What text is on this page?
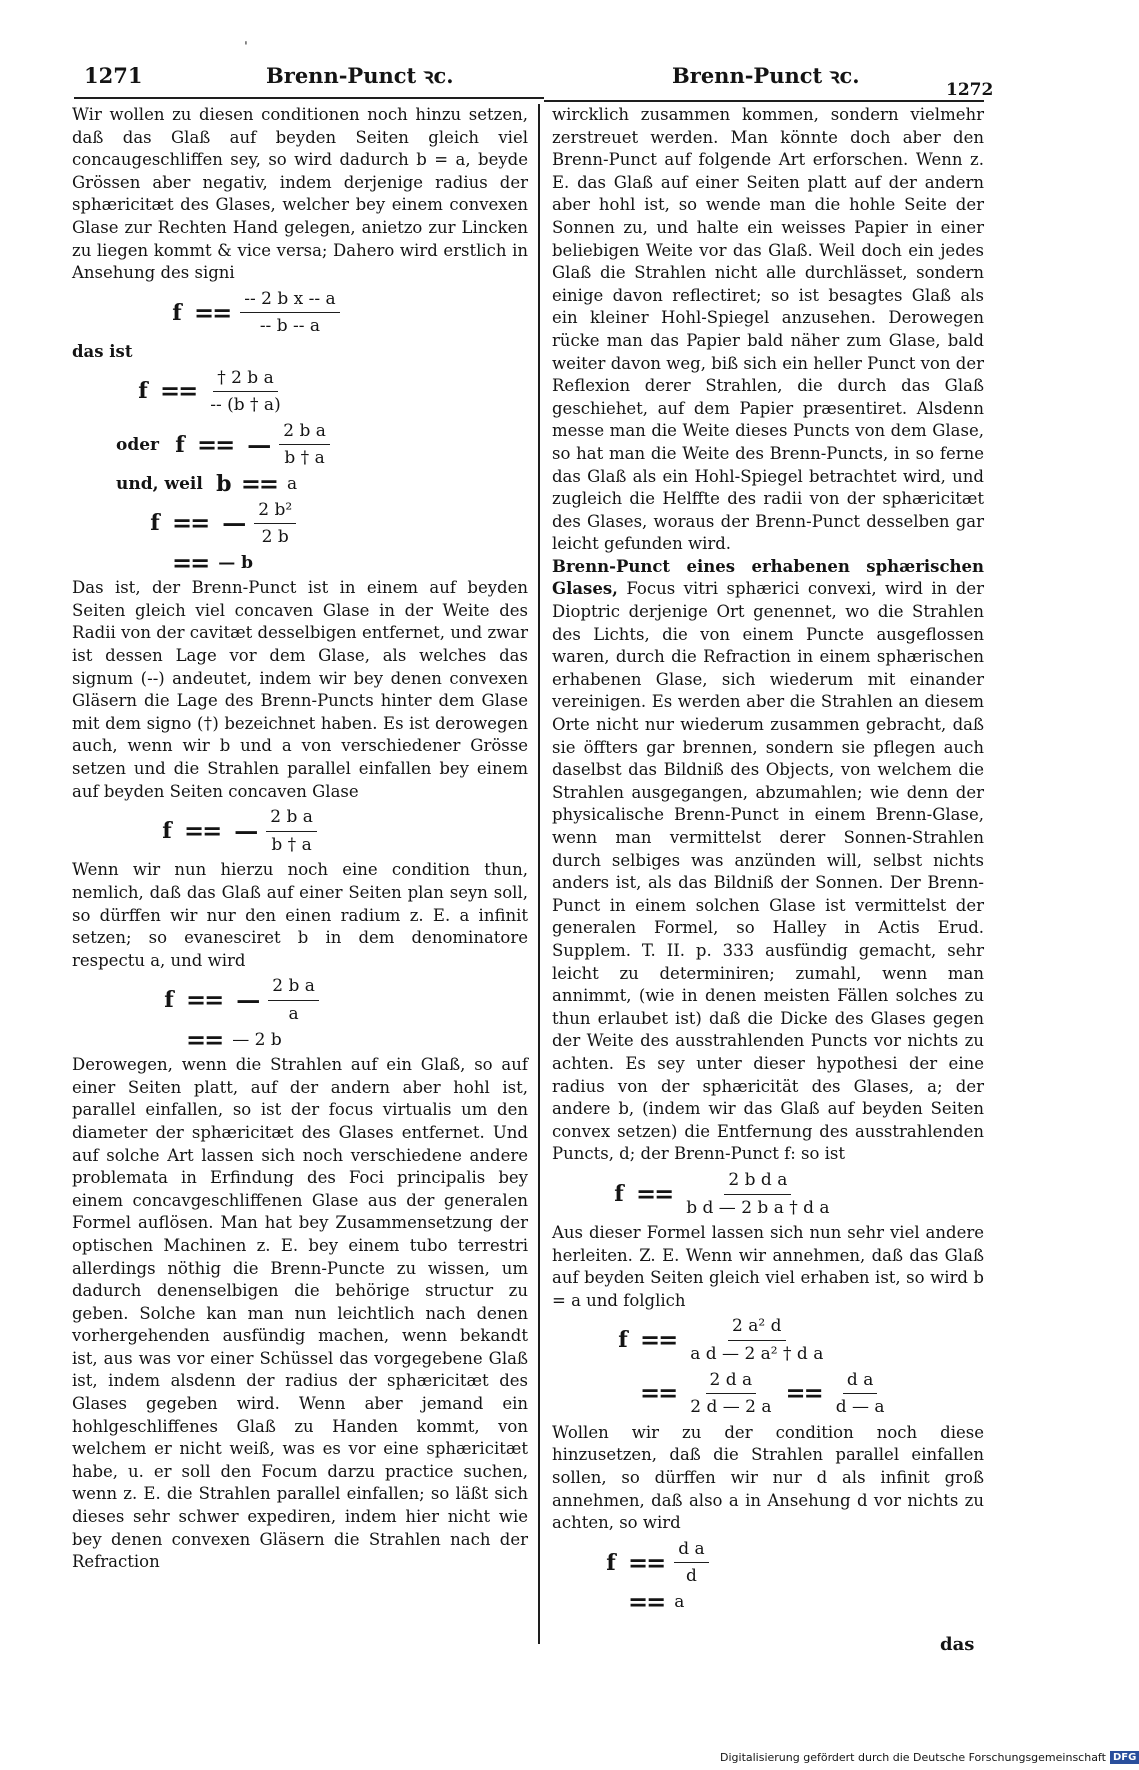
1271	Brenn-Punct ꝛc.	Brenn-Punct ꝛc.
1272
ˈ

Wir wollen zu diesen conditionen noch hinzu setzen, daß das Glaß auf beyden Seiten gleich viel concaugeschliffen sey, so wird dadurch b = a, beyde Grössen aber negativ, indem derjenige radius der sphæricitæt des Glases, welcher bey einem convexen Glase zur Rechten Hand gelegen, anietzo zur Lincken zu liegen kommt & vice versa; Dahero wird erstlich in Ansehung des signi

$f == \frac{\text{-- 2 b x -- a}}{-- b -- a}$

das ist

$f == \frac{\text{† 2 b a}}{-- (b \dagger a)}$
oder f == — $\frac{\text{2 b a}}{b \dagger a}$
und, weil b == a
f == — $\frac{\text{2 b²}}{2 b}$
== — b

Das ist, der Brenn-Punct ist in einem auf beyden Seiten gleich viel concaven Glase in der Weite des Radii von der cavitæt desselbigen entfernet, und zwar ist dessen Lage vor dem Glase, als welches das signum (--) andeutet, indem wir bey denen convexen Gläsern die Lage des Brenn-Puncts hinter dem Glase mit dem signo (†) bezeichnet haben. Es ist derowegen auch, wenn wir b und a von verschiedener Grösse setzen und die Strahlen parallel einfallen bey einem auf beyden Seiten concaven Glase

f == — $\frac{\text{2 b a}}{b \dagger a}$

Wenn wir nun hierzu noch eine condition thun, nemlich, daß das Glaß auf einer Seiten plan seyn soll, so dürffen wir nur den einen radium z. E. a infinit setzen; so evanesciret b in dem denominatore respectu a, und wird

f == — $\frac{\text{2 b a}}{a}$
== — 2 b

Derowegen, wenn die Strahlen auf ein Glaß, so auf einer Seiten platt, auf der andern aber hohl ist, parallel einfallen, so ist der focus virtualis um den diameter der sphæricitæt des Glases entfernet. Und auf solche Art lassen sich noch verschiedene andere problemata in Erfindung des Foci principalis bey einem concavgeschliffenen Glase aus der generalen Formel auflösen. Man hat bey Zusammensetzung der optischen Machinen z. E. bey einem tubo terrestri allerdings nöthig die Brenn-Puncte zu wissen, um dadurch denenselbigen die behörige structur zu geben. Solche kan man nun leichtlich nach denen vorhergehenden ausfündig machen, wenn bekandt ist, aus was vor einer Schüssel das vorgegebene Glaß ist, indem alsdenn der radius der sphæricitæt des Glases gegeben wird. Wenn aber jemand ein hohlgeschliffenes Glaß zu Handen kommt, von welchem er nicht weiß, was es vor eine sphæricitæt habe, u. er soll den Focum darzu practice suchen, wenn z. E. die Strahlen parallel einfallen; so läßt sich dieses sehr schwer expediren, indem hier nicht wie bey denen convexen Gläsern die Strahlen nach der Refraction

wircklich zusammen kommen, sondern vielmehr zerstreuet werden. Man könnte doch aber den Brenn-Punct auf folgende Art erforschen. Wenn z. E. das Glaß auf einer Seiten platt auf der andern aber hohl ist, so wende man die hohle Seite der Sonnen zu, und halte ein weisses Papier in einer beliebigen Weite vor das Glaß. Weil doch ein jedes Glaß die Strahlen nicht alle durchlässet, sondern einige davon reflectiret; so ist besagtes Glaß als ein kleiner Hohl-Spiegel anzusehen. Derowegen rücke man das Papier bald näher zum Glase, bald weiter davon weg, biß sich ein heller Punct von der Reflexion derer Strahlen, die durch das Glaß geschiehet, auf dem Papier præsentiret. Alsdenn messe man die Weite dieses Puncts von dem Glase, so hat man die Weite des Brenn-Puncts, in so ferne das Glaß als ein Hohl-Spiegel betrachtet wird, und zugleich die Helffte des radii von der sphæricitæt des Glases, woraus der Brenn-Punct desselben gar leicht gefunden wird.

Brenn-Punct eines erhabenen sphærischen Glases, Focus vitri sphærici convexi, wird in der Dioptric derjenige Ort genennet, wo die Strahlen des Lichts, die von einem Puncte ausgeflossen waren, durch die Refraction in einem sphærischen erhabenen Glase, sich wiederum mit einander vereinigen. Es werden aber die Strahlen an diesem Orte nicht nur wiederum zusammen gebracht, daß sie öffters gar brennen, sondern sie pflegen auch daselbst das Bildniß des Objects, von welchem die Strahlen ausgegangen, abzumahlen; wie denn der physicalische Brenn-Punct in einem Brenn-Glase, wenn man vermittelst derer Sonnen-Strahlen durch selbiges was anzünden will, selbst nichts anders ist, als das Bildniß der Sonnen. Der Brenn-Punct in einem solchen Glase ist vermittelst der generalen Formel, so Halley in Actis Erud. Supplem. T. II. p. 333 ausfündig gemacht, sehr leicht zu determiniren; zumahl, wenn man annimmt, (wie in denen meisten Fällen solches zu thun erlaubet ist) daß die Dicke des Glases gegen der Weite des ausstrahlenden Puncts vor nichts zu achten. Es sey unter dieser hypothesi der eine radius von der sphæricität des Glases, a; der andere b, (indem wir das Glaß auf beyden Seiten convex setzen) die Entfernung des ausstrahlenden Puncts, d; der Brenn-Punct f: so ist

$f == \frac{\text{2 b d a}}{\text{b d — 2 b a † d a}}$

Aus dieser Formel lassen sich nun sehr viel andere herleiten. Z. E. Wenn wir annehmen, daß das Glaß auf beyden Seiten gleich viel erhaben ist, so wird b = a und folglich

$f == \frac{\text{2 a² d}}{\text{a d — 2 a² † d a}}$
== $\frac{\text{2 d a}}{2 d — 2 a} == \frac{\text{d a}}{d — a}$

Wollen wir zu der condition noch diese hinzusetzen, daß die Strahlen parallel einfallen sollen, so dürffen wir nur d als infinit groß annehmen, daß also a in Ansehung d vor nichts zu achten, so wird

$f == \frac{\text{d a}}{d}$
== a
das
Digitalisierung gefördert durch die Deutsche Forschungsgemeinschaft DFG
